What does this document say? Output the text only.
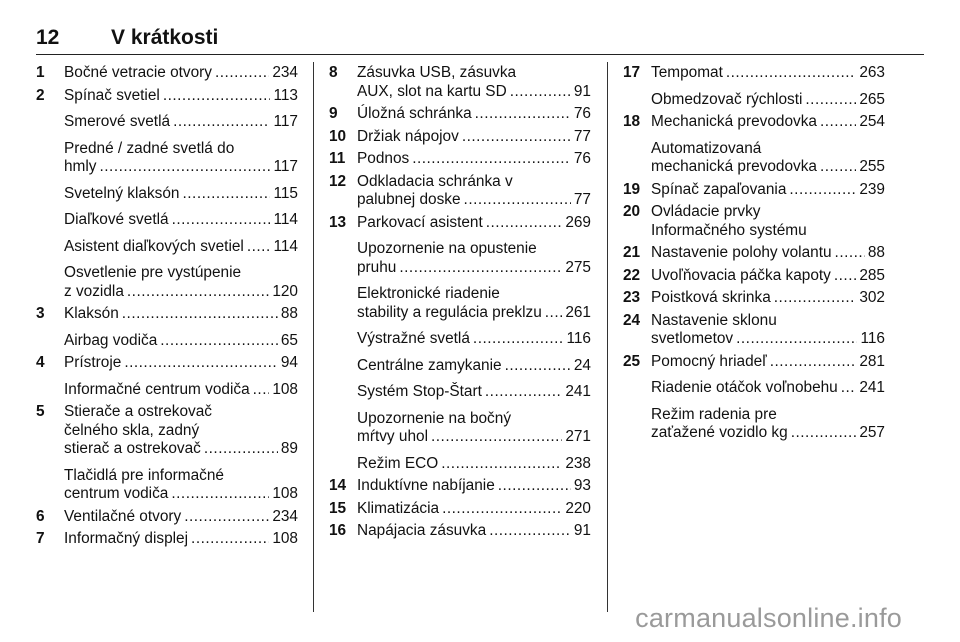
12 V krátkosti
1 Bočné vetracie otvory .....	234
2 Spínač svetiel .....	113
Smerové svetlá .....	117
Predné / zadné svetlá do
hmly .....	117
Svetelný klaksón .....	115
Diaľkové svetlá .....	114
Asistent diaľkových svetiel ..... 114
Osvetlenie pre vystúpenie
z vozidla .....	120
3 Klaksón .....	88
Airbag vodiča .....	65
4 Prístroje .....	94
Informačné centrum vodiča ..... 108
5 Stierače a ostrekovač
čelného skla, zadný
stierač a ostrekovač .....	89
Tlačidlá pre informačné
centrum vodiča .....	108
6 Ventilačné otvory .....	234
7 Informačný displej .....	108
8 Zásuvka USB, zásuvka
AUX, slot na kartu SD .....	91
9 Úložná schránka .....	76
10 Držiak nápojov .....	77
11 Podnos .....	76
12 Odkladacia schránka v
palubnej doske .....	77
13 Parkovací asistent .....	269
Upozornenie na opustenie
pruhu .....	275
Elektronické riadenie
stability a regulácia preklzu ..... 261
Výstražné svetlá .....	116
Centrálne zamykanie .....	24
Systém Stop-Štart .....	241
Upozornenie na bočný
mŕtvy uhol .....	271
Režim ECO .....	238
14 Induktívne nabíjanie .....	93
15 Klimatizácia .....	220
16 Napájacia zásuvka .....	91
17 Tempomat .....	263
Obmedzovač rýchlosti .....	265
18 Mechanická prevodovka .....	254
Automatizovaná
mechanická prevodovka .....	255
19 Spínač zapaľovania .....	239
20 Ovládacie prvky
Informačného systému
21 Nastavenie polohy volantu ..... 88
22 Uvoľňovacia páčka kapoty ..... 285
23 Poistková skrinka .....	302
24 Nastavenie sklonu
svetlometov .....	116
25 Pomocný hriadeľ .....	281
Riadenie otáčok voľnobehu ..... 241
Režim radenia pre
zaťažené vozidlo kg .....	257
carmanualsonline.info
